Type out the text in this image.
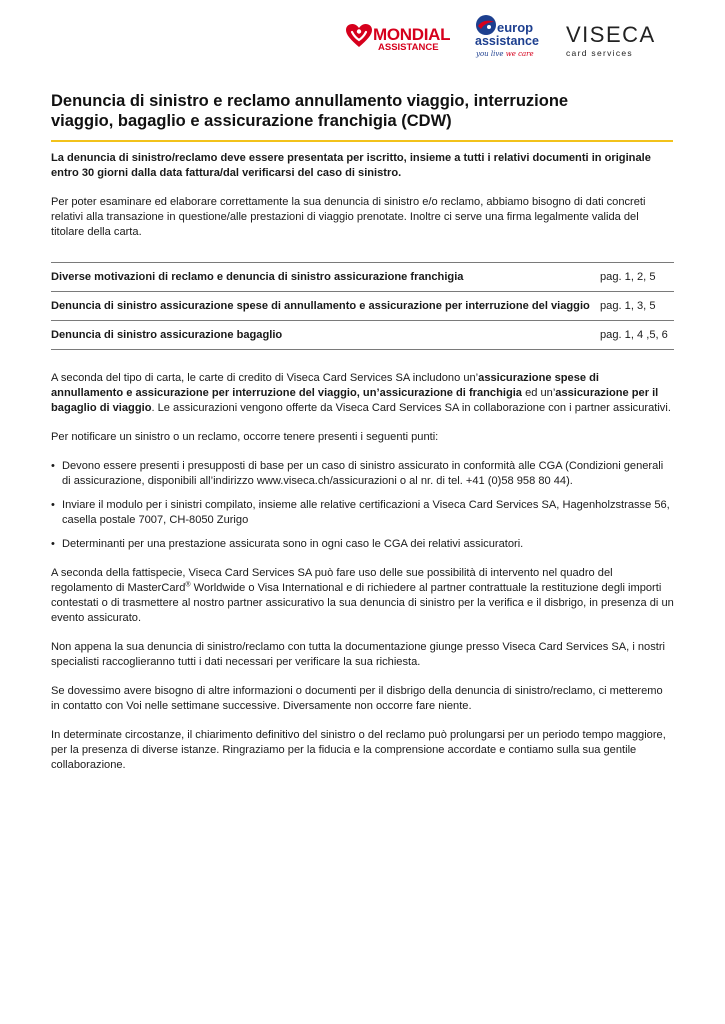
MONDIAL
ASSISTANCE
europ
assistance
you live we care
VISECA
card services
Denuncia di sinistro e reclamo annullamento viaggio, interruzione viaggio, bagaglio e assicurazione franchigia (CDW)

La denuncia di sinistro/reclamo deve essere presentata per iscritto, insieme a tutti i relativi documenti in originale entro 30 giorni dalla data fattura/dal verificarsi del caso di sinistro.

Per poter esaminare ed elaborare correttamente la sua denuncia di sinistro e/o reclamo, abbiamo bisogno di dati concreti relativi alla transazione in questione/alle prestazioni di viaggio prenotate. Inoltre ci serve una firma legalmente valida del titolare della carta.

Diverse motivazioni di reclamo e denuncia di sinistro assicurazione franchigia	pag. 1, 2, 5
Denuncia di sinistro assicurazione spese di annullamento e assicurazione per interruzione del viaggio	pag. 1, 3, 5
Denuncia di sinistro assicurazione bagaglio	pag. 1, 4 ,5, 6

A seconda del tipo di carta, le carte di credito di Viseca Card Services SA includono un’assicurazione spese di annullamento e assicurazione per interruzione del viaggio, un’assicurazione di franchigia ed un’assicurazione per il bagaglio di viaggio. Le assicurazioni vengono offerte da Viseca Card Services SA in collaborazione con i partner assicurativi.

Per notificare un sinistro o un reclamo, occorre tenere presenti i seguenti punti:

• Devono essere presenti i presupposti di base per un caso di sinistro assicurato in conformità alle CGA (Condizioni generali di assicurazione, disponibili all’indirizzo www.viseca.ch/assicurazioni o al nr. di tel. +41 (0)58 958 80 44).
• Inviare il modulo per i sinistri compilato, insieme alle relative certificazioni a Viseca Card Services SA, Hagenholzstrasse 56, casella postale 7007, CH-8050 Zurigo
• Determinanti per una prestazione assicurata sono in ogni caso le CGA dei relativi assicuratori.

A seconda della fattispecie, Viseca Card Services SA può fare uso delle sue possibilità di intervento nel quadro del regolamento di MasterCard® Worldwide o Visa International e di richiedere al partner contrattuale la restituzione degli importi contestati o di trasmettere al nostro partner assicurativo la sua denuncia di sinistro per la verifica e il disbrigo, in presenza di un evento assicurato.

Non appena la sua denuncia di sinistro/reclamo con tutta la documentazione giunge presso Viseca Card Services SA, i nostri specialisti raccoglieranno tutti i dati necessari per verificare la sua richiesta.

Se dovessimo avere bisogno di altre informazioni o documenti per il disbrigo della denuncia di sinistro/reclamo, ci metteremo in contatto con Voi nelle settimane successive. Diversamente non occorre fare niente.

In determinate circostanze, il chiarimento definitivo del sinistro o del reclamo può prolungarsi per un periodo tempo maggiore, per la presenza di diverse istanze. Ringraziamo per la fiducia e la comprensione accordate e contiamo sulla sua gentile collaborazione.
